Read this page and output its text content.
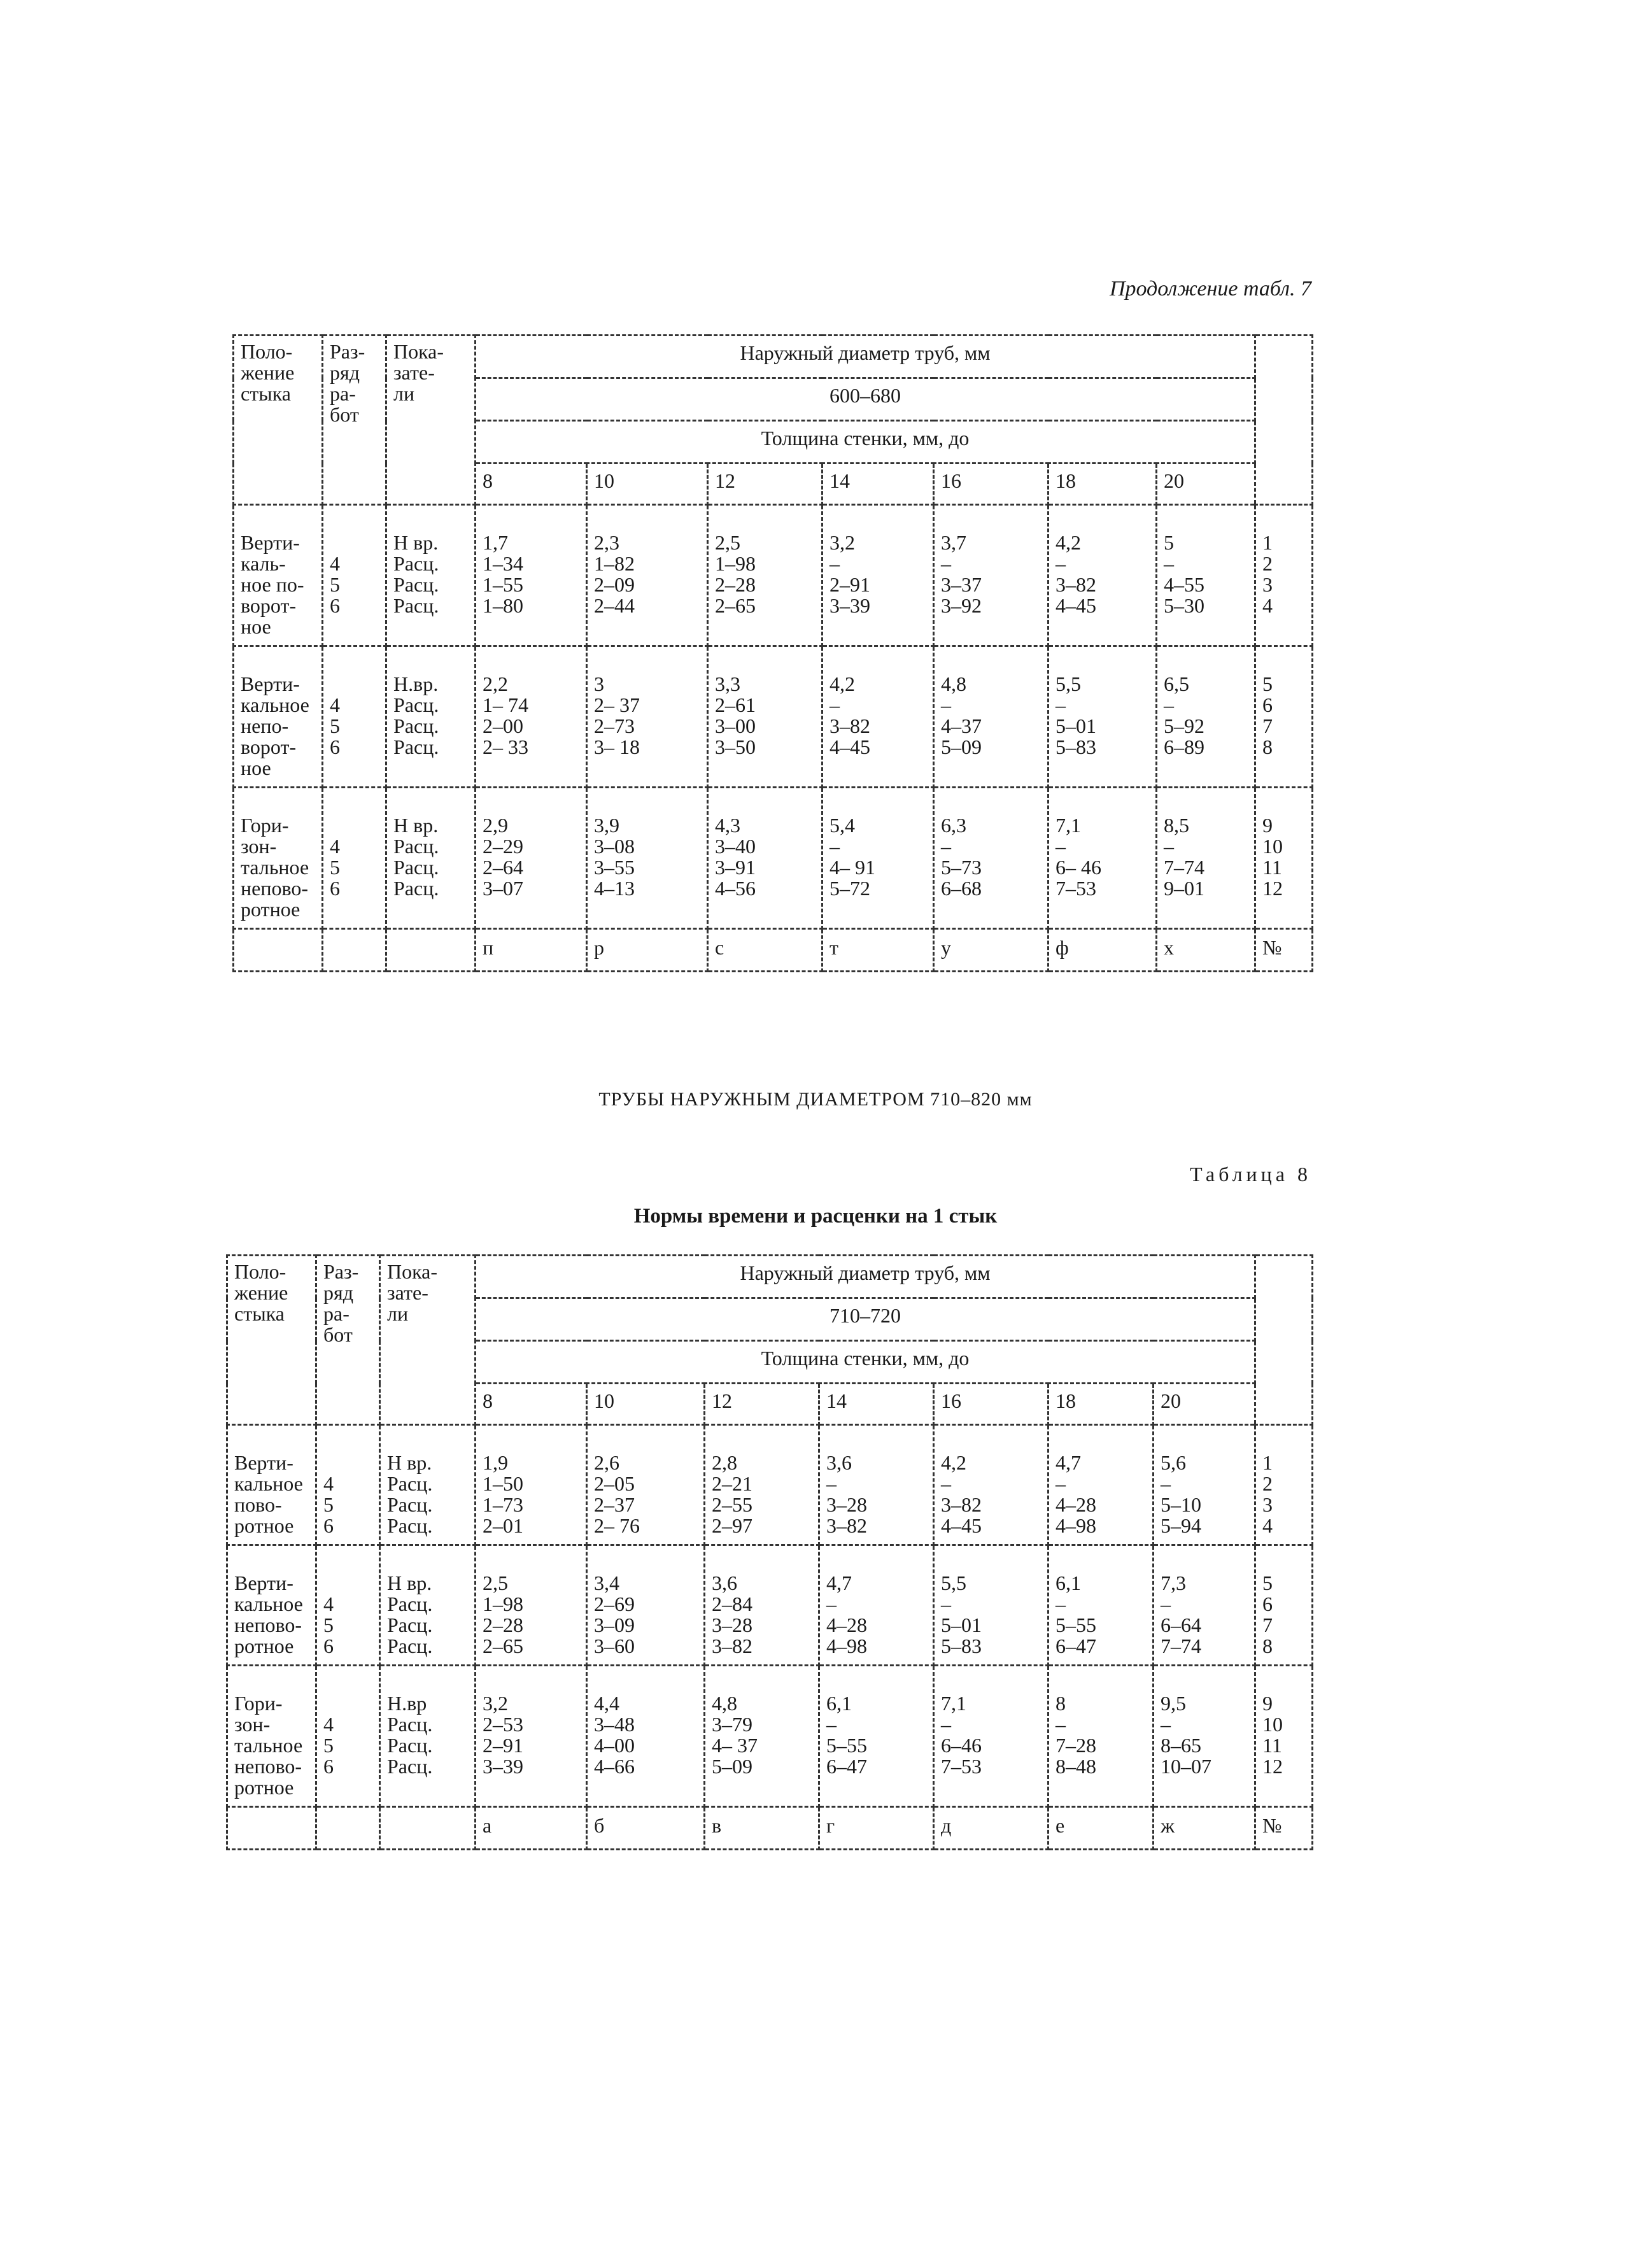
Продолжение табл. 7
Поло-
жение
стыка	Раз-
ряд
ра-
бот	Пока-
зате-
ли	Наружный диаметр труб, мм							
			600–680							
			Толщина стенки, мм, до							
			8	10	12	14	16	18	20	

Верти-
каль-
ное по-
ворот-
ное	4
5
6	Н вр.
Расц.
Расц.
Расц.	1,7
1–34
1–55
1–80	2,3
1–82
2–09
2–44	2,5
1–98
2–28
2–65	3,2
–
2–91
3–39	3,7
–
3–37
3–92	4,2
–
3–82
4–45	5
–
4–55
5–30	1
2
3
4

Верти-
кальное
непо-
ворот-
ное	4
5
6	Н.вр.
Расц.
Расц.
Расц.	2,2
1– 74
2–00
2– 33	3
2– 37
2–73
3– 18	3,3
2–61
3–00
3–50	4,2
–
3–82
4–45	4,8
–
4–37
5–09	5,5
–
5–01
5–83	6,5
–
5–92
6–89	5
6
7
8

Гори-
зон-
тальное
непово-
ротное	4
5
6	Н вр.
Расц.
Расц.
Расц.	2,9
2–29
2–64
3–07	3,9
3–08
3–55
4–13	4,3
3–40
3–91
4–56	5,4
–
4– 91
5–72	6,3
–
5–73
6–68	7,1
–
6– 46
7–53	8,5
–
7–74
9–01	9
10
11
12

			п	р	с	т	у	ф	х	№
ТРУБЫ НАРУЖНЫМ ДИАМЕТРОМ 710–820 мм
Таблица 8
Нормы времени и расценки на 1 стык
Поло-
жение
стыка	Раз-
ряд
ра-
бот	Пока-
зате-
ли	Наружный диаметр труб, мм							
			710–720							
			Толщина стенки, мм, до							
			8	10	12	14	16	18	20	

Верти-
кальное
пово-
ротное	4
5
6	Н вр.
Расц.
Расц.
Расц.	1,9
1–50
1–73
2–01	2,6
2–05
2–37
2– 76	2,8
2–21
2–55
2–97	3,6
–
3–28
3–82	4,2
–
3–82
4–45	4,7
–
4–28
4–98	5,6
–
5–10
5–94	1
2
3
4

Верти-
кальное
непово-
ротное	4
5
6	Н вр.
Расц.
Расц.
Расц.	2,5
1–98
2–28
2–65	3,4
2–69
3–09
3–60	3,6
2–84
3–28
3–82	4,7
–
4–28
4–98	5,5
–
5–01
5–83	6,1
–
5–55
6–47	7,3
–
6–64
7–74	5
6
7
8

Гори-
зон-
тальное
непово-
ротное	4
5
6	Н.вр
Расц.
Расц.
Расц.	3,2
2–53
2–91
3–39	4,4
3–48
4–00
4–66	4,8
3–79
4– 37
5–09	6,1
–
5–55
6–47	7,1
–
6–46
7–53	8
–
7–28
8–48	9,5
–
8–65
10–07	9
10
11
12

			а	б	в	г	д	е	ж	№
